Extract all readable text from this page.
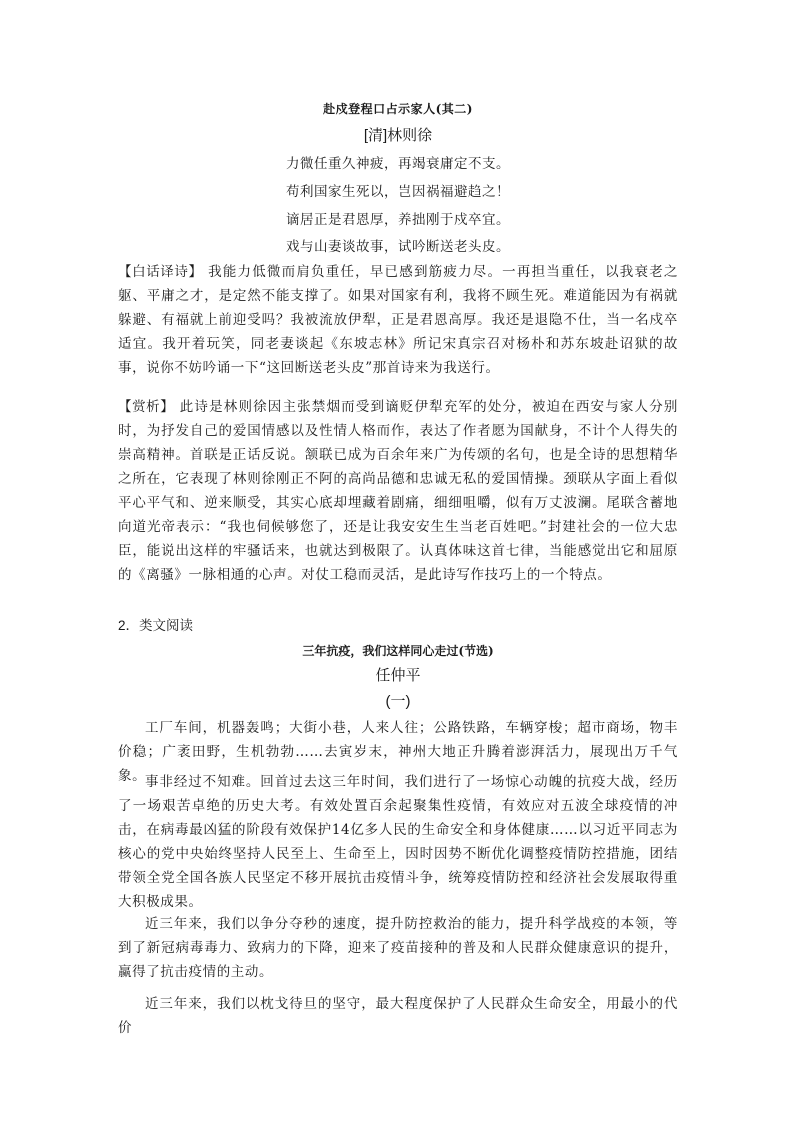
赴戍登程口占示家人(其二)
[清]林则徐
力微任重久神疲，再竭衰庸定不支。
苟利国家生死以，岂因祸福避趋之！
谪居正是君恩厚，养拙刚于戍卒宜。
戏与山妻谈故事，试吟断送老头皮。
【白话译诗】 我能力低微而肩负重任，早已感到筋疲力尽。一再担当重任，以我衰老之躯、平庸之才，是定然不能支撑了。如果对国家有利，我将不顾生死。难道能因为有祸就躲避、有福就上前迎受吗？我被流放伊犁，正是君恩高厚。我还是退隐不仕，当一名戍卒适宜。我开着玩笑，同老妻谈起《东坡志林》所记宋真宗召对杨朴和苏东坡赴诏狱的故事，说你不妨吟诵一下“这回断送老头皮”那首诗来为我送行。
【赏析】 此诗是林则徐因主张禁烟而受到谪贬伊犁充军的处分，被迫在西安与家人分别时，为抒发自己的爱国情感以及性情人格而作，表达了作者愿为国献身，不计个人得失的崇高精神。首联是正话反说。颔联已成为百余年来广为传颂的名句，也是全诗的思想精华之所在，它表现了林则徐刚正不阿的高尚品德和忠诚无私的爱国情操。颈联从字面上看似平心平气和、逆来顺受，其实心底却埋藏着剧痛，细细咀嚼，似有万丈波澜。尾联含蓄地向道光帝表示：“我也伺候够您了，还是让我安安生生当老百姓吧。”封建社会的一位大忠臣，能说出这样的牢骚话来，也就达到极限了。认真体味这首七律，当能感觉出它和屈原的《离骚》一脉相通的心声。对仗工稳而灵活，是此诗写作技巧上的一个特点。
2．类文阅读
三年抗疫，我们这样同心走过(节选)
任仲平
(一)
工厂车间，机器轰鸣；大街小巷，人来人往；公路铁路，车辆穿梭；超市商场，物丰价稳；广袤田野，生机勃勃……去寅岁末，神州大地正升腾着澎湃活力，展现出万千气象。
事非经过不知难。回首过去这三年时间，我们进行了一场惊心动魄的抗疫大战，经历了一场艰苦卓绝的历史大考。有效处置百余起聚集性疫情，有效应对五波全球疫情的冲击，在病毒最凶猛的阶段有效保护14亿多人民的生命安全和身体健康……以习近平同志为核心的党中央始终坚持人民至上、生命至上，因时因势不断优化调整疫情防控措施，团结带领全党全国各族人民坚定不移开展抗击疫情斗争，统筹疫情防控和经济社会发展取得重大积极成果。
近三年来，我们以争分夺秒的速度，提升防控救治的能力，提升科学战疫的本领，等到了新冠病毒毒力、致病力的下降，迎来了疫苗接种的普及和人民群众健康意识的提升，赢得了抗击疫情的主动。
近三年来，我们以枕戈待旦的坚守，最大程度保护了人民群众生命安全，用最小的代价
